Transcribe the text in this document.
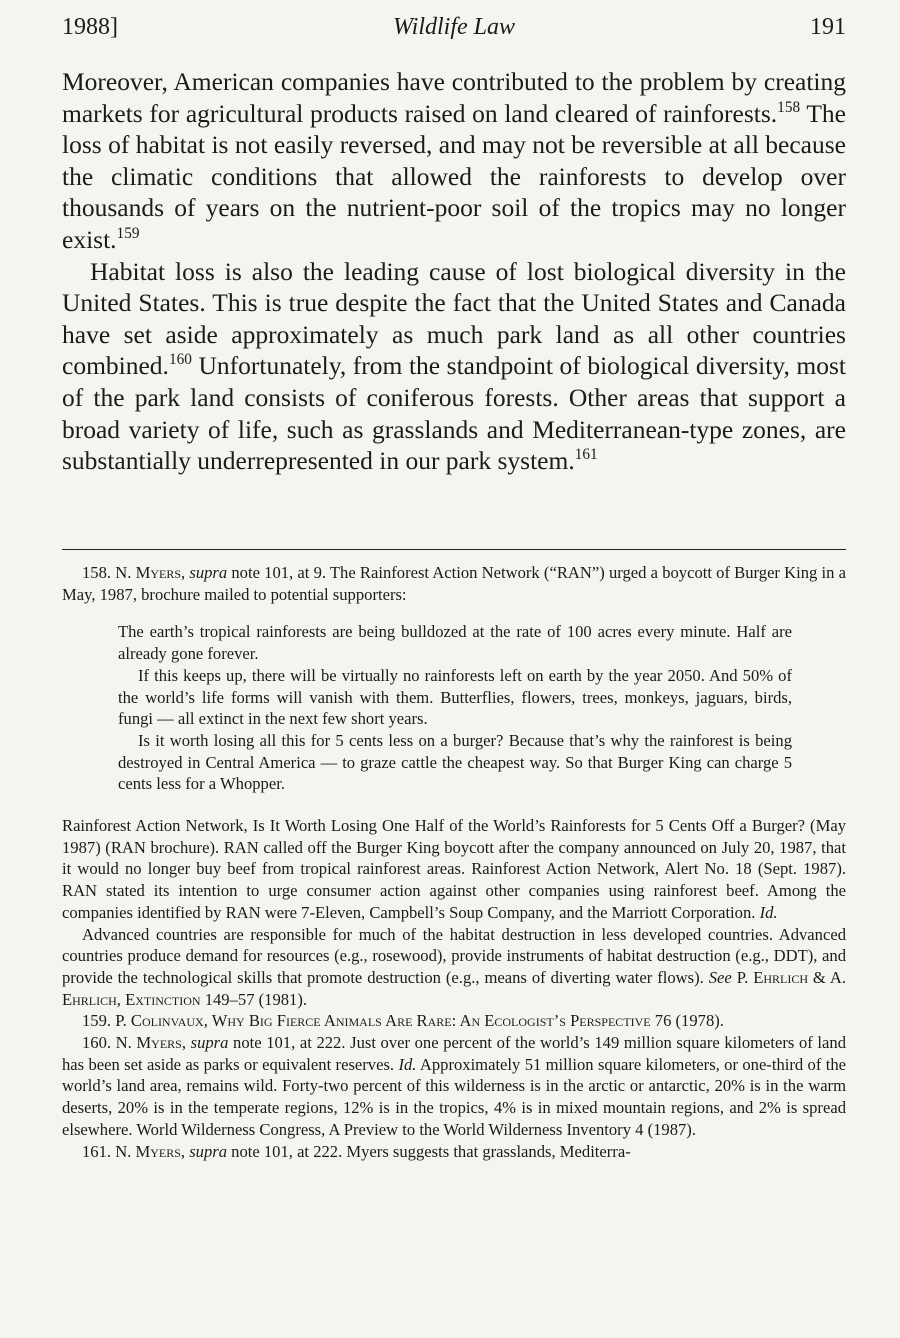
1988]	Wildlife Law	191

Moreover, American companies have contributed to the problem by creating markets for agricultural products raised on land cleared of rainforests.$^{158}$ The loss of habitat is not easily reversed, and may not be reversible at all because the climatic conditions that allowed the rainforests to develop over thousands of years on the nutrient-poor soil of the tropics may no longer exist.$^{159}$

Habitat loss is also the leading cause of lost biological diversity in the United States. This is true despite the fact that the United States and Canada have set aside approximately as much park land as all other countries combined.$^{160}$ Unfortunately, from the standpoint of biological diversity, most of the park land consists of coniferous forests. Other areas that support a broad variety of life, such as grasslands and Mediterranean-type zones, are substantially underrepresented in our park system.$^{161}$

158. N. Myers, supra note 101, at 9. The Rainforest Action Network (“RAN”) urged a boycott of Burger King in a May, 1987, brochure mailed to potential supporters:

The earth’s tropical rainforests are being bulldozed at the rate of 100 acres every minute. Half are already gone forever.

If this keeps up, there will be virtually no rainforests left on earth by the year 2050. And 50% of the world’s life forms will vanish with them. Butterflies, flowers, trees, monkeys, jaguars, birds, fungi — all extinct in the next few short years.

Is it worth losing all this for 5 cents less on a burger? Because that’s why the rainforest is being destroyed in Central America — to graze cattle the cheapest way. So that Burger King can charge 5 cents less for a Whopper.

Rainforest Action Network, Is It Worth Losing One Half of the World’s Rainforests for 5 Cents Off a Burger? (May 1987) (RAN brochure). RAN called off the Burger King boycott after the company announced on July 20, 1987, that it would no longer buy beef from tropical rainforest areas. Rainforest Action Network, Alert No. 18 (Sept. 1987). RAN stated its intention to urge consumer action against other companies using rainforest beef. Among the companies identified by RAN were 7-Eleven, Campbell’s Soup Company, and the Marriott Corporation. Id.

Advanced countries are responsible for much of the habitat destruction in less developed countries. Advanced countries produce demand for resources (e.g., rosewood), provide instruments of habitat destruction (e.g., DDT), and provide the technological skills that promote destruction (e.g., means of diverting water flows). See P. Ehrlich & A. Ehrlich, Extinction 149–57 (1981).

159. P. Colinvaux, Why Big Fierce Animals Are Rare: An Ecologist’s Perspective 76 (1978).

160. N. Myers, supra note 101, at 222. Just over one percent of the world’s 149 million square kilometers of land has been set aside as parks or equivalent reserves. Id. Approximately 51 million square kilometers, or one-third of the world’s land area, remains wild. Forty-two percent of this wilderness is in the arctic or antarctic, 20% is in the warm deserts, 20% is in the temperate regions, 12% is in the tropics, 4% is in mixed mountain regions, and 2% is spread elsewhere. World Wilderness Congress, A Preview to the World Wilderness Inventory 4 (1987).

161. N. Myers, supra note 101, at 222. Myers suggests that grasslands, Mediterra-
